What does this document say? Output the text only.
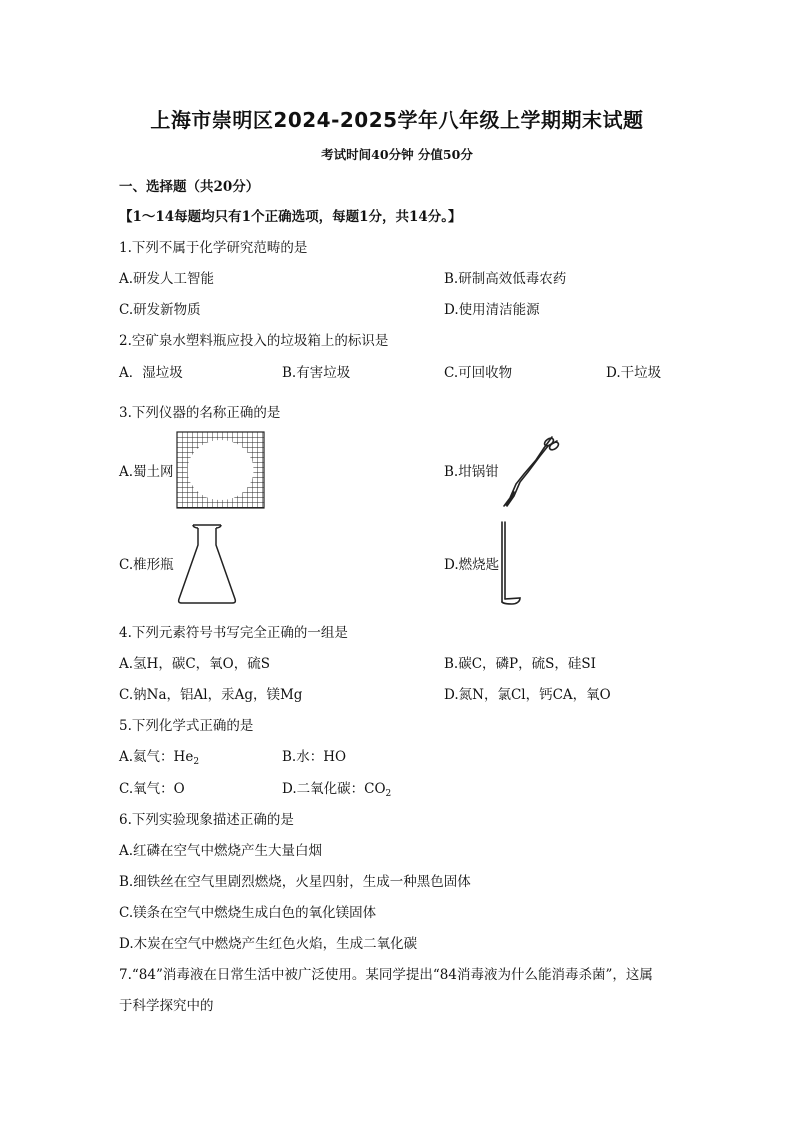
上海市崇明区2024-2025学年八年级上学期期末试题
考试时间40分钟 分值50分
一、选择题（共20分）
【1～14每题均只有1个正确选项，每题1分，共14分。】
1.下列不属于化学研究范畴的是
A.研发人工智能	B.研制高效低毒农药
C.研发新物质	D.使用清洁能源
2.空矿泉水塑料瓶应投入的垃圾箱上的标识是
A．湿垃圾	B.有害垃圾	C.可回收物	D.干垃圾
3.下列仪器的名称正确的是
A.蜀土网	B.坩锅钳
C.椎形瓶	D.燃烧匙
4.下列元素符号书写完全正确的一组是
A.氢H，碳C，氧O，硫S	B.碳C，磷P，硫S，硅SI
C.钠Na，铝Al，汞Ag，镁Mg	D.氮N，氯Cl，钙CA，氧O
5.下列化学式正确的是
A.氦气：$He_2$	B.水：HO
C.氧气：O	D.二氧化碳：$CO_2$
6.下列实验现象描述正确的是
A.红磷在空气中燃烧产生大量白烟
B.细铁丝在空气里剧烈燃烧，火星四射，生成一种黑色固体
C.镁条在空气中燃烧生成白色的氧化镁固体
D.木炭在空气中燃烧产生红色火焰，生成二氧化碳
7.“84”消毒液在日常生活中被广泛使用。某同学提出“84消毒液为什么能消毒杀菌”，这属
于科学探究中的
